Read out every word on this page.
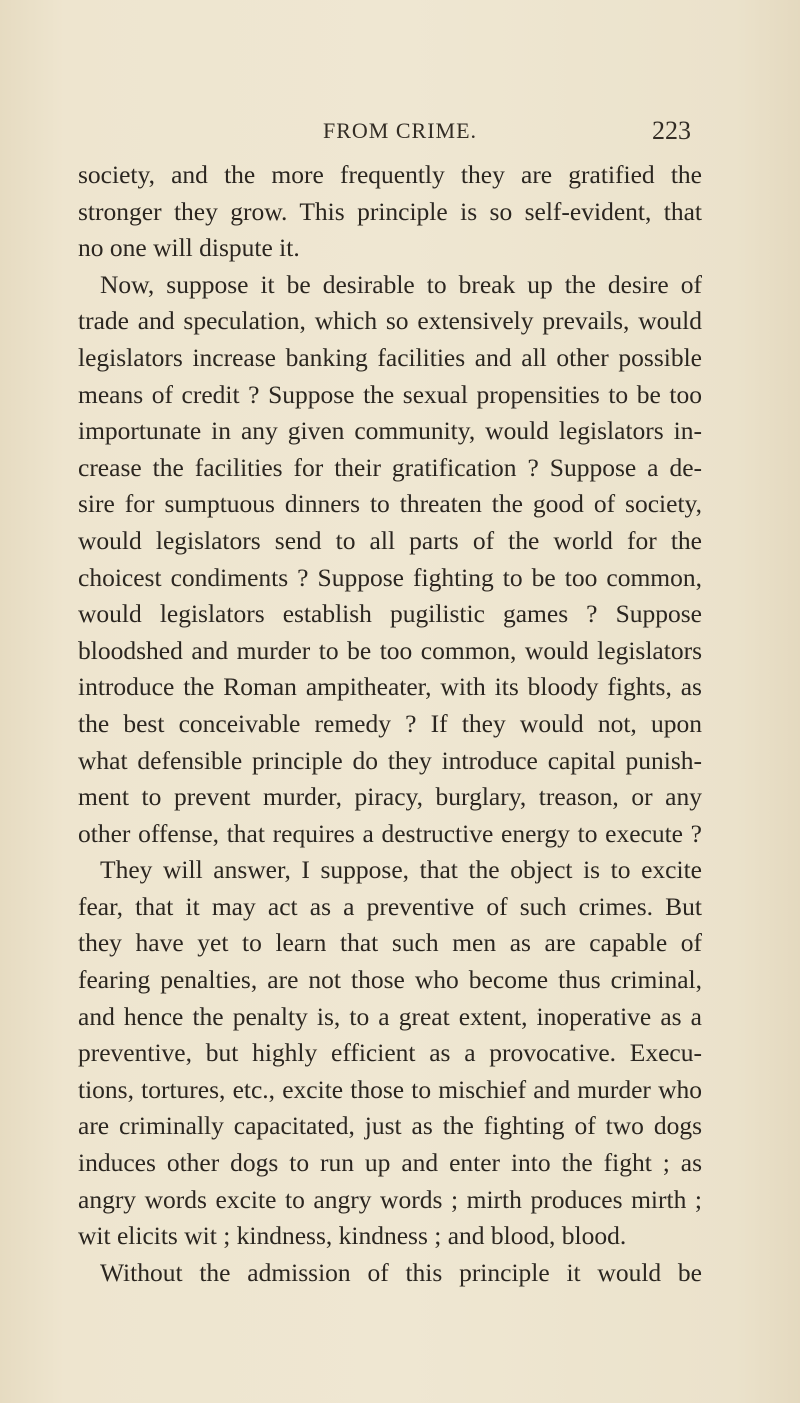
FROM CRIME.	223
society, and the more frequently they are gratified the
stronger they grow. This principle is so self-evident, that
no one will dispute it.
Now, suppose it be desirable to break up the desire of
trade and speculation, which so extensively prevails, would
legislators increase banking facilities and all other possible
means of credit ? Suppose the sexual propensities to be too
importunate in any given community, would legislators in-
crease the facilities for their gratification ? Suppose a de-
sire for sumptuous dinners to threaten the good of society,
would legislators send to all parts of the world for the
choicest condiments ? Suppose fighting to be too common,
would legislators establish pugilistic games ? Suppose
bloodshed and murder to be too common, would legislators
introduce the Roman ampitheater, with its bloody fights, as
the best conceivable remedy ? If they would not, upon
what defensible principle do they introduce capital punish-
ment to prevent murder, piracy, burglary, treason, or any
other offense, that requires a destructive energy to execute ?
They will answer, I suppose, that the object is to excite
fear, that it may act as a preventive of such crimes. But
they have yet to learn that such men as are capable of
fearing penalties, are not those who become thus criminal,
and hence the penalty is, to a great extent, inoperative as a
preventive, but highly efficient as a provocative. Execu-
tions, tortures, etc., excite those to mischief and murder who
are criminally capacitated, just as the fighting of two dogs
induces other dogs to run up and enter into the fight ; as
angry words excite to angry words ; mirth produces mirth ;
wit elicits wit ; kindness, kindness ; and blood, blood.
Without the admission of this principle it would be
